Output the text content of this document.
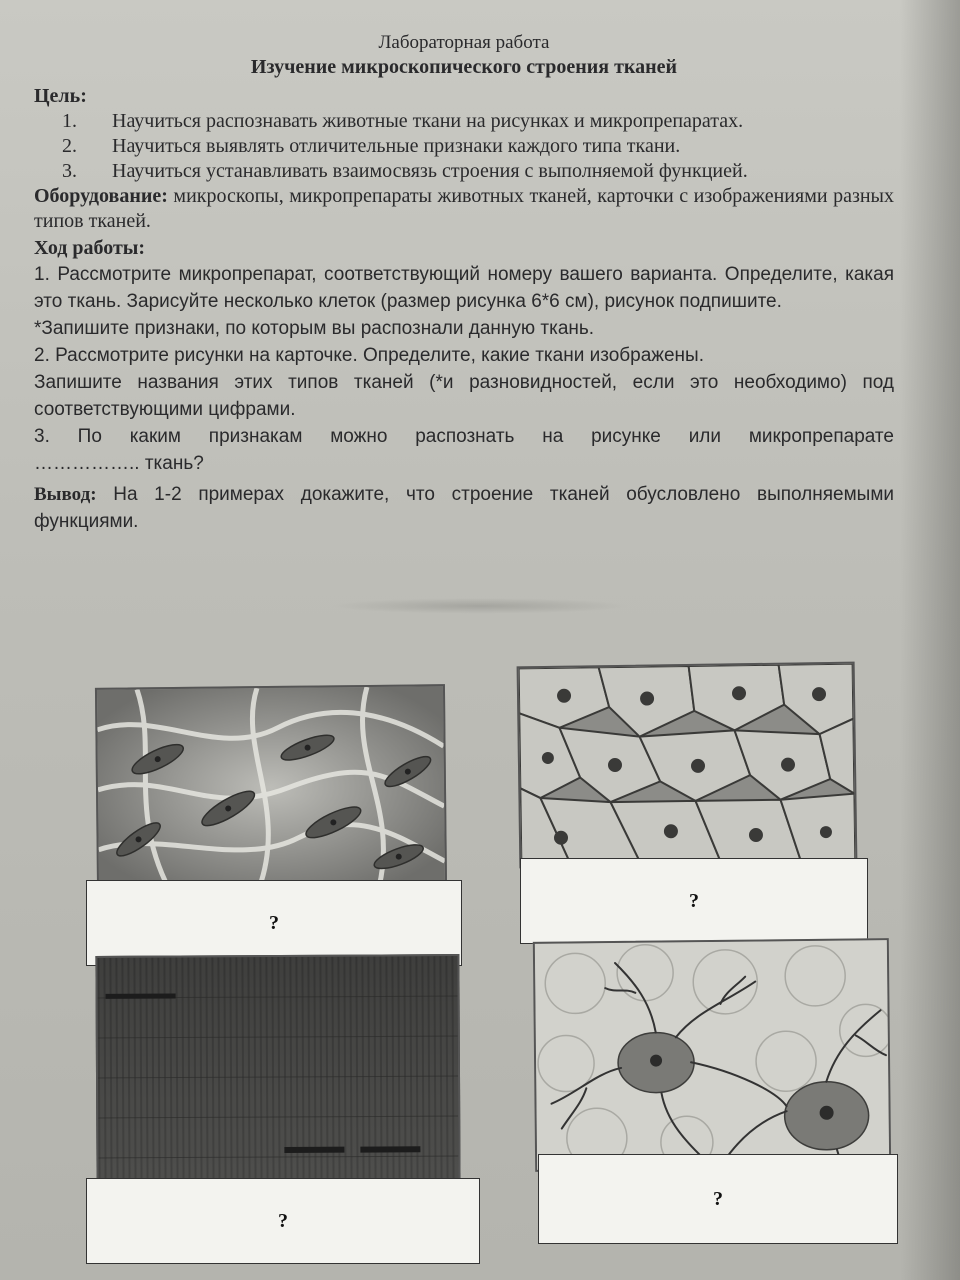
Лабораторная работа
Изучение микроскопического строения тканей
Цель:
1.	Научиться распознавать животные ткани на рисунках и микропрепаратах.
2.	Научиться выявлять отличительные признаки каждого типа ткани.
3.	Научиться устанавливать взаимосвязь строения с выполняемой функцией.
Оборудование: микроскопы, микропрепараты животных тканей, карточки с изображениями разных типов тканей.
Ход работы:
1. Рассмотрите микропрепарат, соответствующий номеру вашего варианта. Определите, какая это ткань. Зарисуйте несколько клеток (размер рисунка 6*6 см), рисунок подпишите.
*Запишите признаки, по которым вы распознали данную ткань.
2. Рассмотрите рисунки на карточке. Определите, какие ткани изображены.
Запишите названия этих типов тканей (*и разновидностей, если это необходимо) под соответствующими цифрами.
3. По каким признакам можно распознать на рисунке или микропрепарате
…………….. ткань?
Вывод: На 1-2 примерах докажите, что строение тканей обусловлено выполняемыми функциями.
?
?
?
?
